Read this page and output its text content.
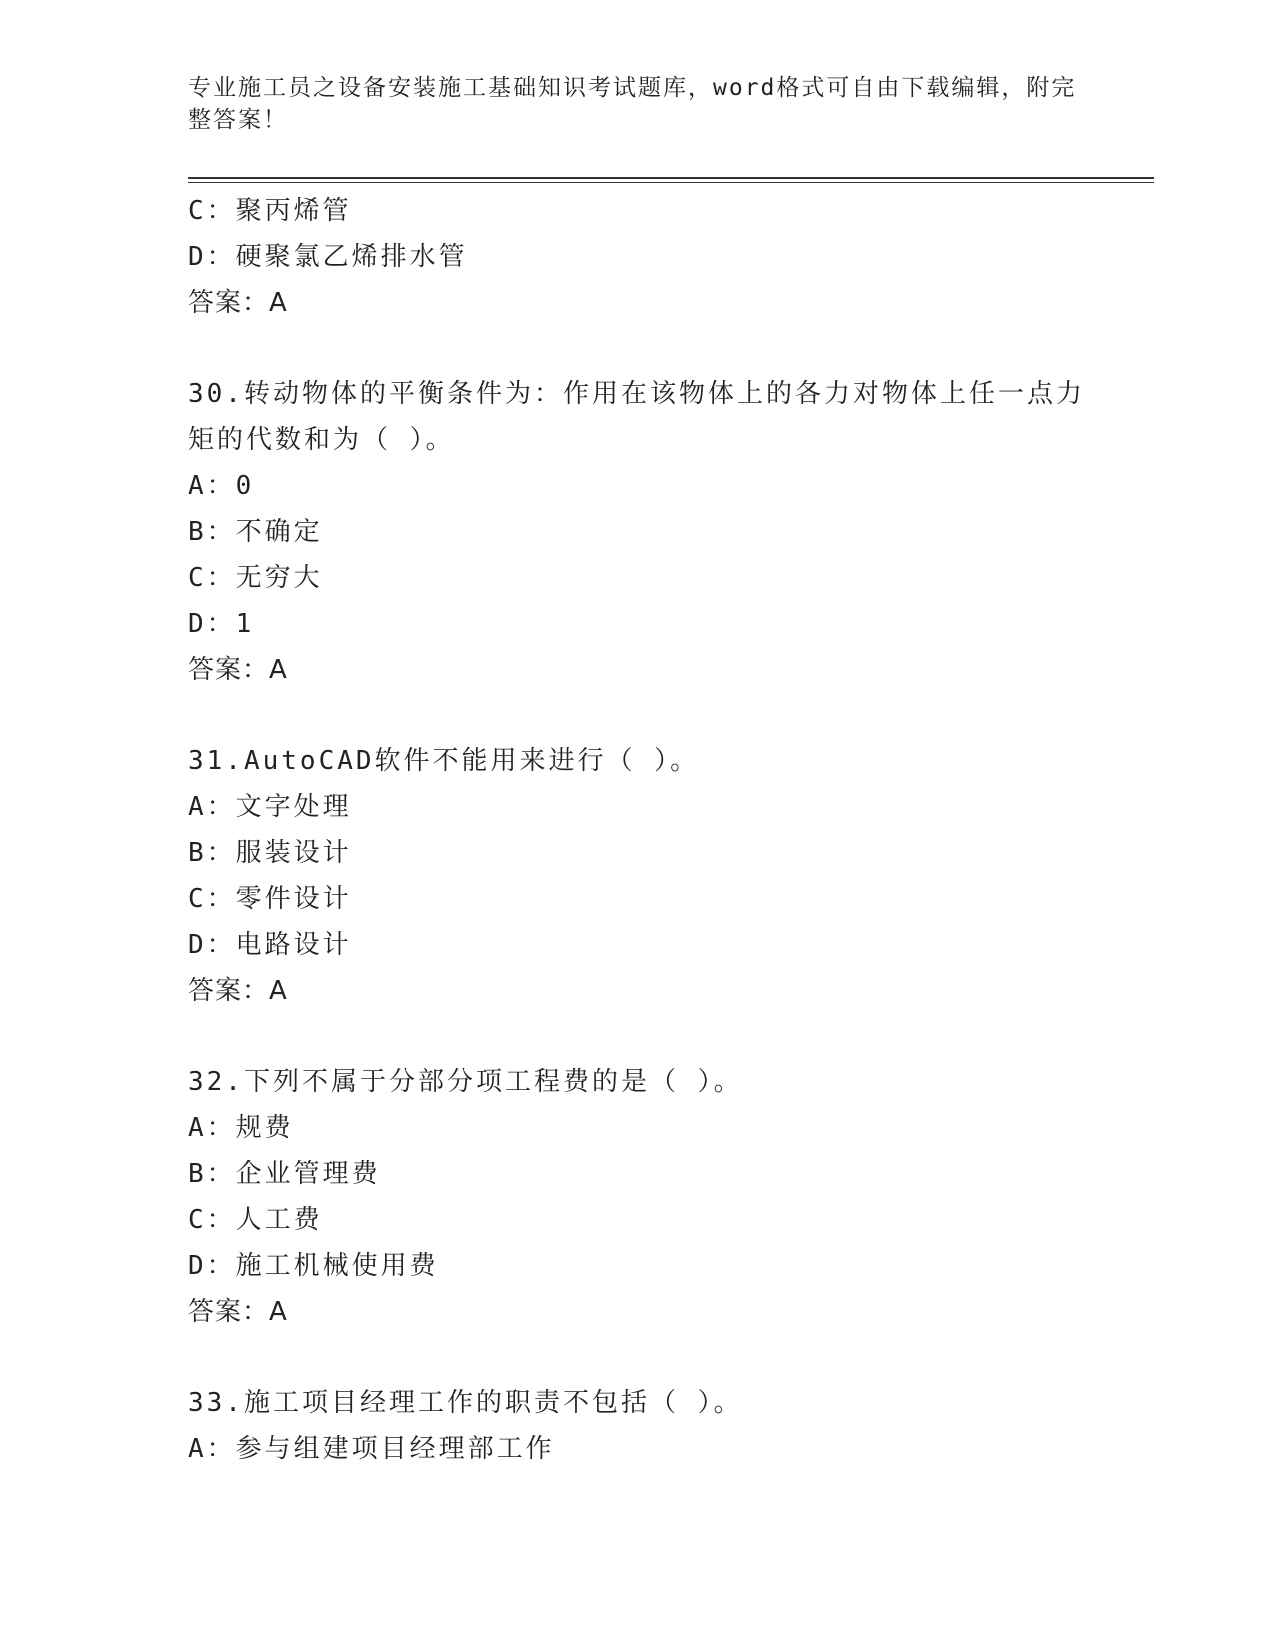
专业施工员之设备安装施工基础知识考试题库，word格式可自由下载编辑，附完
整答案！
C：聚丙烯管
D：硬聚氯乙烯排水管
答案：A
30.转动物体的平衡条件为：作用在该物体上的各力对物体上任一点力
矩的代数和为（ ）。
A：0
B：不确定
C：无穷大
D：1
答案：A
31.AutoCAD软件不能用来进行（ ）。
A：文字处理
B：服装设计
C：零件设计
D：电路设计
答案：A
32.下列不属于分部分项工程费的是（ ）。
A：规费
B：企业管理费
C：人工费
D：施工机械使用费
答案：A
33.施工项目经理工作的职责不包括（ ）。
A：参与组建项目经理部工作
